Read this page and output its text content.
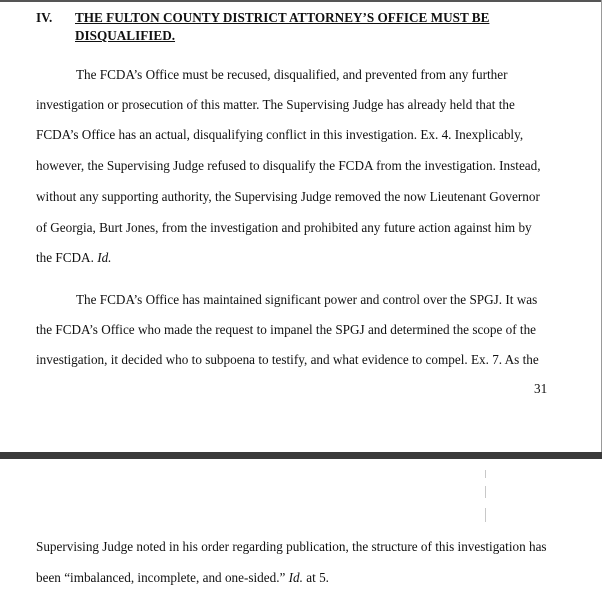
IV. THE FULTON COUNTY DISTRICT ATTORNEY’S OFFICE MUST BE
DISQUALIFIED.
The FCDA’s Office must be recused, disqualified, and prevented from any further
investigation or prosecution of this matter. The Supervising Judge has already held that the
FCDA’s Office has an actual, disqualifying conflict in this investigation. Ex. 4. Inexplicably,
however, the Supervising Judge refused to disqualify the FCDA from the investigation. Instead,
without any supporting authority, the Supervising Judge removed the now Lieutenant Governor
of Georgia, Burt Jones, from the investigation and prohibited any future action against him by
the FCDA. Id.
The FCDA’s Office has maintained significant power and control over the SPGJ. It was
the FCDA’s Office who made the request to impanel the SPGJ and determined the scope of the
investigation, it decided who to subpoena to testify, and what evidence to compel. Ex. 7. As the
31
Supervising Judge noted in his order regarding publication, the structure of this investigation has
been “imbalanced, incomplete, and one-sided.” Id. at 5.
